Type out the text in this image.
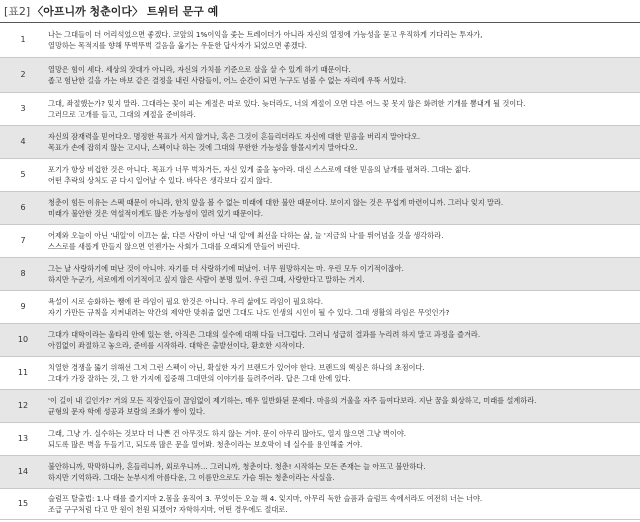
[표2] 〈아프니까 청춘이다〉 트위터 문구 예
1	나는 그대들이 더 어리석었으면 좋겠다. 코앞의 1%이익을 좇는 트레이더가 아니라 자신의 열정에 가능성을 묻고 우직하게 기다리는 투자가,
열망하는 목적지를 향해 뚜벅뚜벅 걸음을 옮기는 우둔한 답사자가 되었으면 좋겠다.

2	열망은 힘이 세다. 세상의 잣대가 아니라, 자신의 가치를 기준으로 살을 살 수 있게 하기 때문이다.
좁고 험난한 길을 가는 바보 같은 결정을 내린 사람들이, 어느 순간이 되면 누구도 넘볼 수 없는 자리에 우뚝 서있다.

3	그대, 좌절했는가? 잊지 말라. 그대라는 꽃이 피는 계절은 따로 있다. 늦더라도, 너의 계절이 오면 다른 어느 꽃 못지 않은 화려한 기개를 뽐내게 될 것이다.
그러므로 고개를 들고, 그대의 계절을 준비하라.

4	자신의 잠재력을 믿어다오. 명징한 목표가 서지 않거나, 혹은 그것이 흔들리더라도 자신에 대한 믿음을 버리지 말아다오.
목표가 손에 잡히지 않는 고시나, 스펙이나 하는 것에 그대의 무한한 가능성을 함몰시키지 말아다오.

5	포기가 항상 비겁한 것은 아니다. 목표가 너무 벅차거든, 자신 있게 줄을 놓아라. 대신 스스로에 대한 믿음의 날개를 펼쳐라. 그대는 젊다.
어떤 추락의 상처도 곧 다시 일어날 수 있다. 바닥은 생각보다 깊지 않다.

6	청춘이 힘든 이유는 스펙 때문이 아니라, 한치 앞을 볼 수 없는 미래에 대한 불안 때문이다. 보이지 않는 것은 무섭게 마련이니까. 그러나 잊지 말라.
미래가 불안한 것은 역설적이게도 많은 가능성이 열려 있기 때문이다.

7	어제와 오늘이 아닌 '내일'이 이끄는 삶, 다른 사람이 아닌 '내 일'에 최선을 다하는 삶, 늘 '지금의 나'를 뛰어넘을 것을 생각하라.
스스로를 새롭게 만들지 않으면 언젠가는 사회가 그대를 오래되게 만들어 버린다.

8	그는 날 사랑하기에 떠난 것이 아니야. 자기를 더 사랑하기에 떠났어. 너무 원망하지는 마. 우린 모두 이기적이잖아.
하지만 누군가, 서로에게 이기적이고 싶지 않은 사람이 분명 있어. 우린 그때, 사랑한다고 말하는 거지.

9	욕설이 시로 승화하는 쨈에 판 라임이 필요 한것은 아니다. 우리 삶에도 라임이 필요하다.
자기 가만든 규칙을 지켜내려는 약간의 제약만 맞춰줄 없면 그대도 나도 인생의 시인이 될 수 있다. 그대 생활의 라임은 무엇인가?

10	그대가 대학이라는 울타리 안에 있는 한, 아직은 그대의 실수에 대해 다들 너그럽다. 그러니 성급히 결과를 누리려 하지 말고 과정을 즐겨라.
아낌없이 좌절하고 놓으라, 준비를 시작하라. 대학은 출발선이다, 환호한 시작이다.

11	치열한 경쟁을 뚫기 위해선 그저 그런 스펙이 아닌, 확실한 자기 브랜드가 있어야 한다. 브랜드의 핵심은 하나의 초점이다.
그대가 가장 잘하는 것, 그 한 가지에 집중해 그대만의 이야기를 들려주어라. 답은 그대 안에 있다.

12	'이 길이 내 길인가?' 거의 모든 직장인들이 끊임없이 제기하는, 매우 일반화된 문제다. 마음의 거울을 자주 들여다보라. 지난 꿈을 회상하고, 미래를 설계하라.
균형의 문자 학에 성공과 보람의 조화가 쌓이 있다.

13	그래, 그냥 가. 실수하는 것보다 더 나쁜 건 아무것도 하지 않는 거야. 문이 아무리 많아도, 열지 않으면 그냥 벽이야.
되도록 많은 벽을 두들기고, 되도록 많은 문을 열어봐. 청춘이라는 보호막이 네 실수를 용인해줄 거야.

14	불안하니까, 막막하니까, 흔들리니까, 외로우니까… 그러니까, 청춘이다. 청춘! 시작하는 모든 존재는 늘 아프고 불안하다.
하지만 기억하라. 그대는 눈부시게 아름다운, 그 이름만으로도 가슴 뛰는 청춘이라는 사실을.

15	슬럼프 탈출법: 1.나 태를 즐기지마 2.몸을 움직여 3. 무엇이든 오늘 해 4. 잊지마, 아무리 독한 슬픔과 슬럼프 속에서라도 여전히 너는 너야.
조급 구구처럼 다고 만 원이 천원 되겠어? 자학하지마, 어떤 경우에도 절대로.
